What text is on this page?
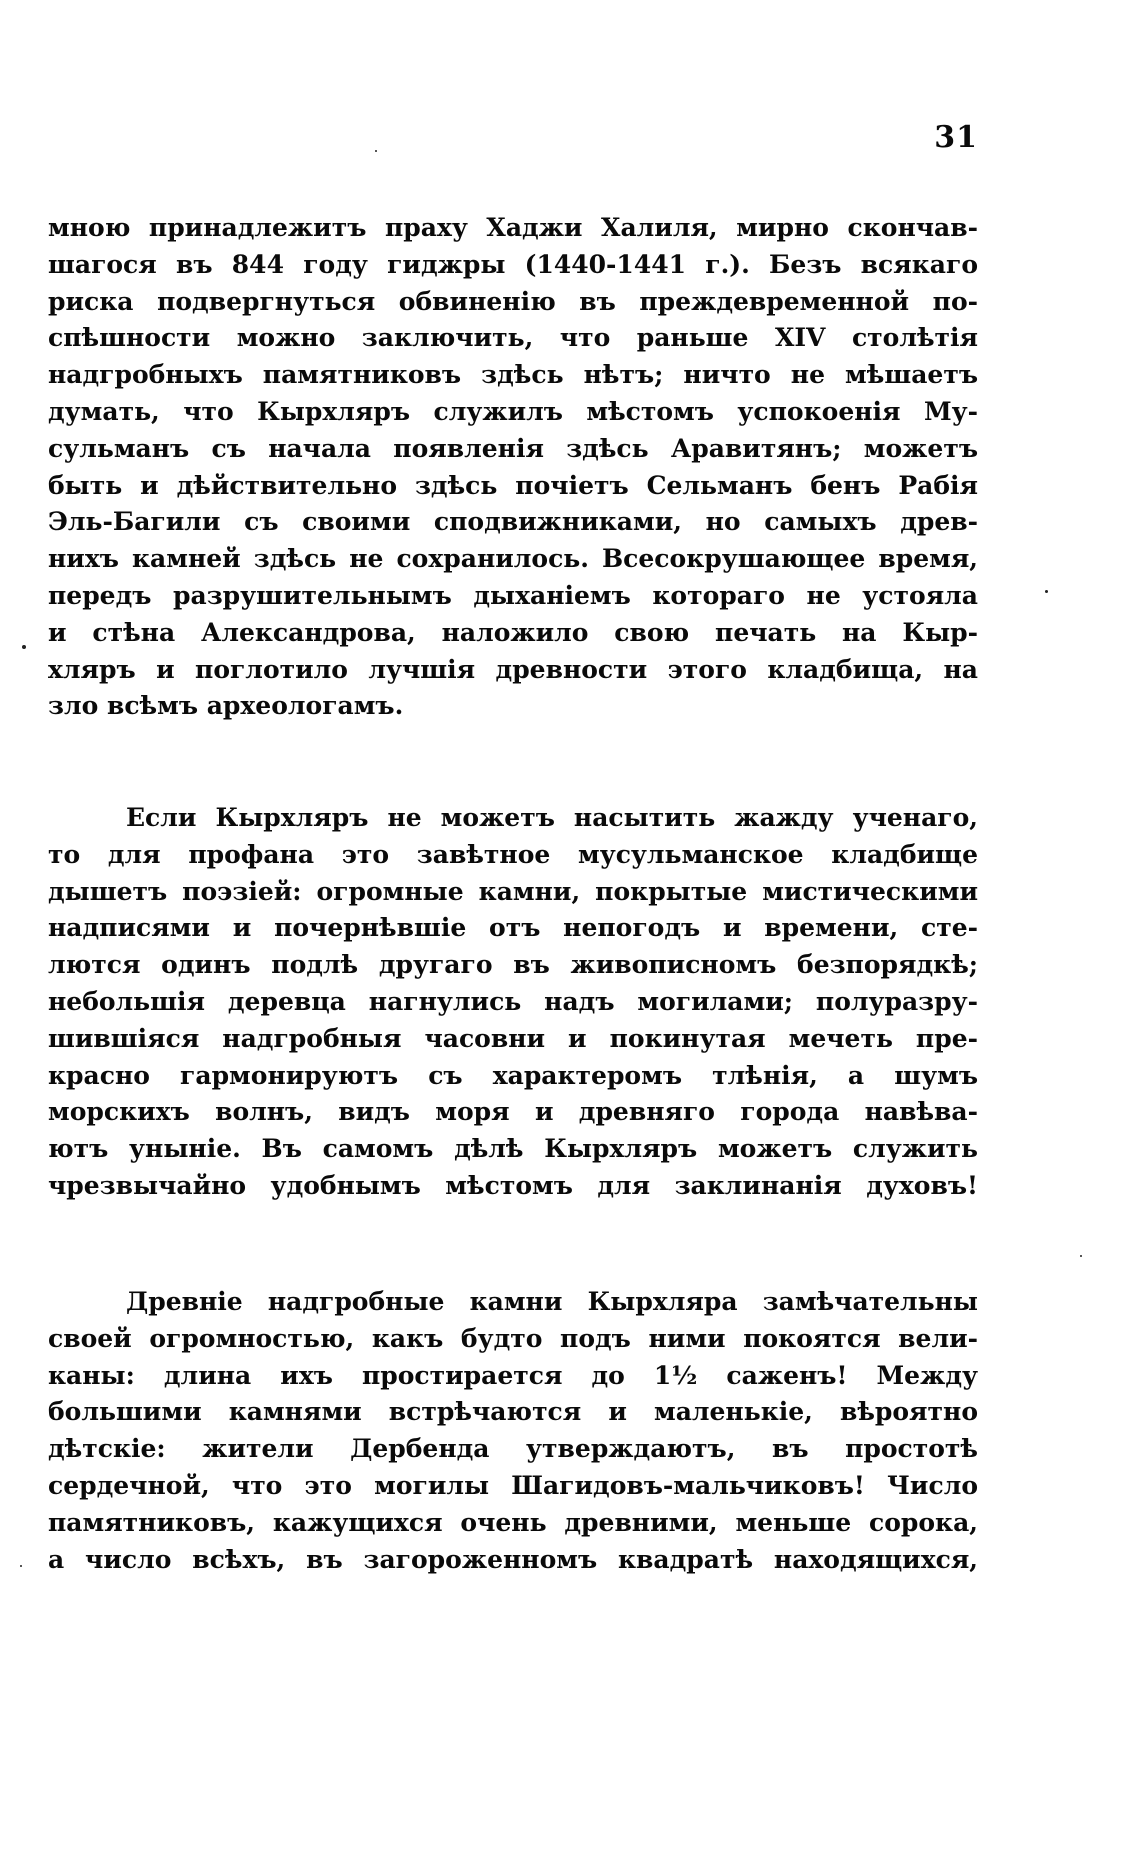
31
мною принадлежитъ праху Хаджи Халиля, мирно скончав-
шагося въ 844 году гиджры (1440-1441 г.). Безъ всякаго
риска подвергнуться обвиненію въ преждевременной по-
спѣшности можно заключить, что раньше XIV столѣтія
надгробныхъ памятниковъ здѣсь нѣтъ; ничто не мѣшаетъ
думать, что Кырхляръ служилъ мѣстомъ успокоенія Му-
сульманъ съ начала появленія здѣсь Аравитянъ; можетъ
быть и дѣйствительно здѣсь почіетъ Сельманъ бенъ Рабія
Эль-Багили съ своими сподвижниками, но самыхъ древ-
нихъ камней здѣсь не сохранилось. Всесокрушающее время,
передъ разрушительнымъ дыханіемъ котораго не устояла
и стѣна Александрова, наложило свою печать на Кыр-
хляръ и поглотило лучшія древности этого кладбища, на
зло всѣмъ археологамъ.
Если Кырхляръ не можетъ насытить жажду ученаго,
то для профана это завѣтное мусульманское кладбище
дышетъ поэзіей: огромные камни, покрытые мистическими
надписями и почернѣвшіе отъ непогодъ и времени, сте-
лются одинъ подлѣ другаго въ живописномъ безпорядкѣ;
небольшія деревца нагнулись надъ могилами; полуразру-
шившіяся надгробныя часовни и покинутая мечеть пре-
красно гармонируютъ съ характеромъ тлѣнія, а шумъ
морскихъ волнъ, видъ моря и древняго города навѣва-
ютъ уныніе. Въ самомъ дѣлѣ Кырхляръ можетъ служить
чрезвычайно удобнымъ мѣстомъ для заклинанія духовъ!
Древніе надгробные камни Кырхляра замѣчательны
своей огромностью, какъ будто подъ ними покоятся вели-
каны: длина ихъ простирается до 1½ саженъ! Между
большими камнями встрѣчаются и маленькіе, вѣроятно
дѣтскіе: жители Дербенда утверждаютъ, въ простотѣ
сердечной, что это могилы Шагидовъ-мальчиковъ! Число
памятниковъ, кажущихся очень древними, меньше сорока,
а число всѣхъ, въ загороженномъ квадратѣ находящихся,
